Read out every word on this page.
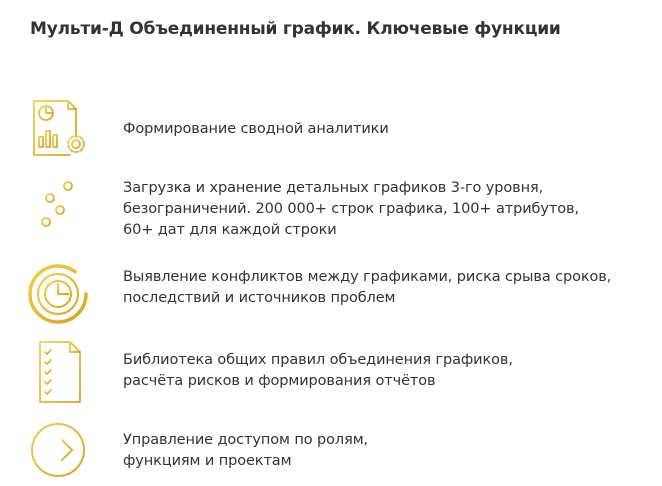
Мульти-Д Объединенный график. Ключевые функции
Формирование сводной аналитики
Загрузка и хранение детальных графиков 3-го уровня,
безограничений. 200 000+ строк графика, 100+ атрибутов,
60+ дат для каждой строки
Выявление конфликтов между графиками, риска срыва сроков,
последствий и источников проблем
Библиотека общих правил объединения графиков,
расчёта рисков и формирования отчётов
Управление доступом по ролям,
функциям и проектам
